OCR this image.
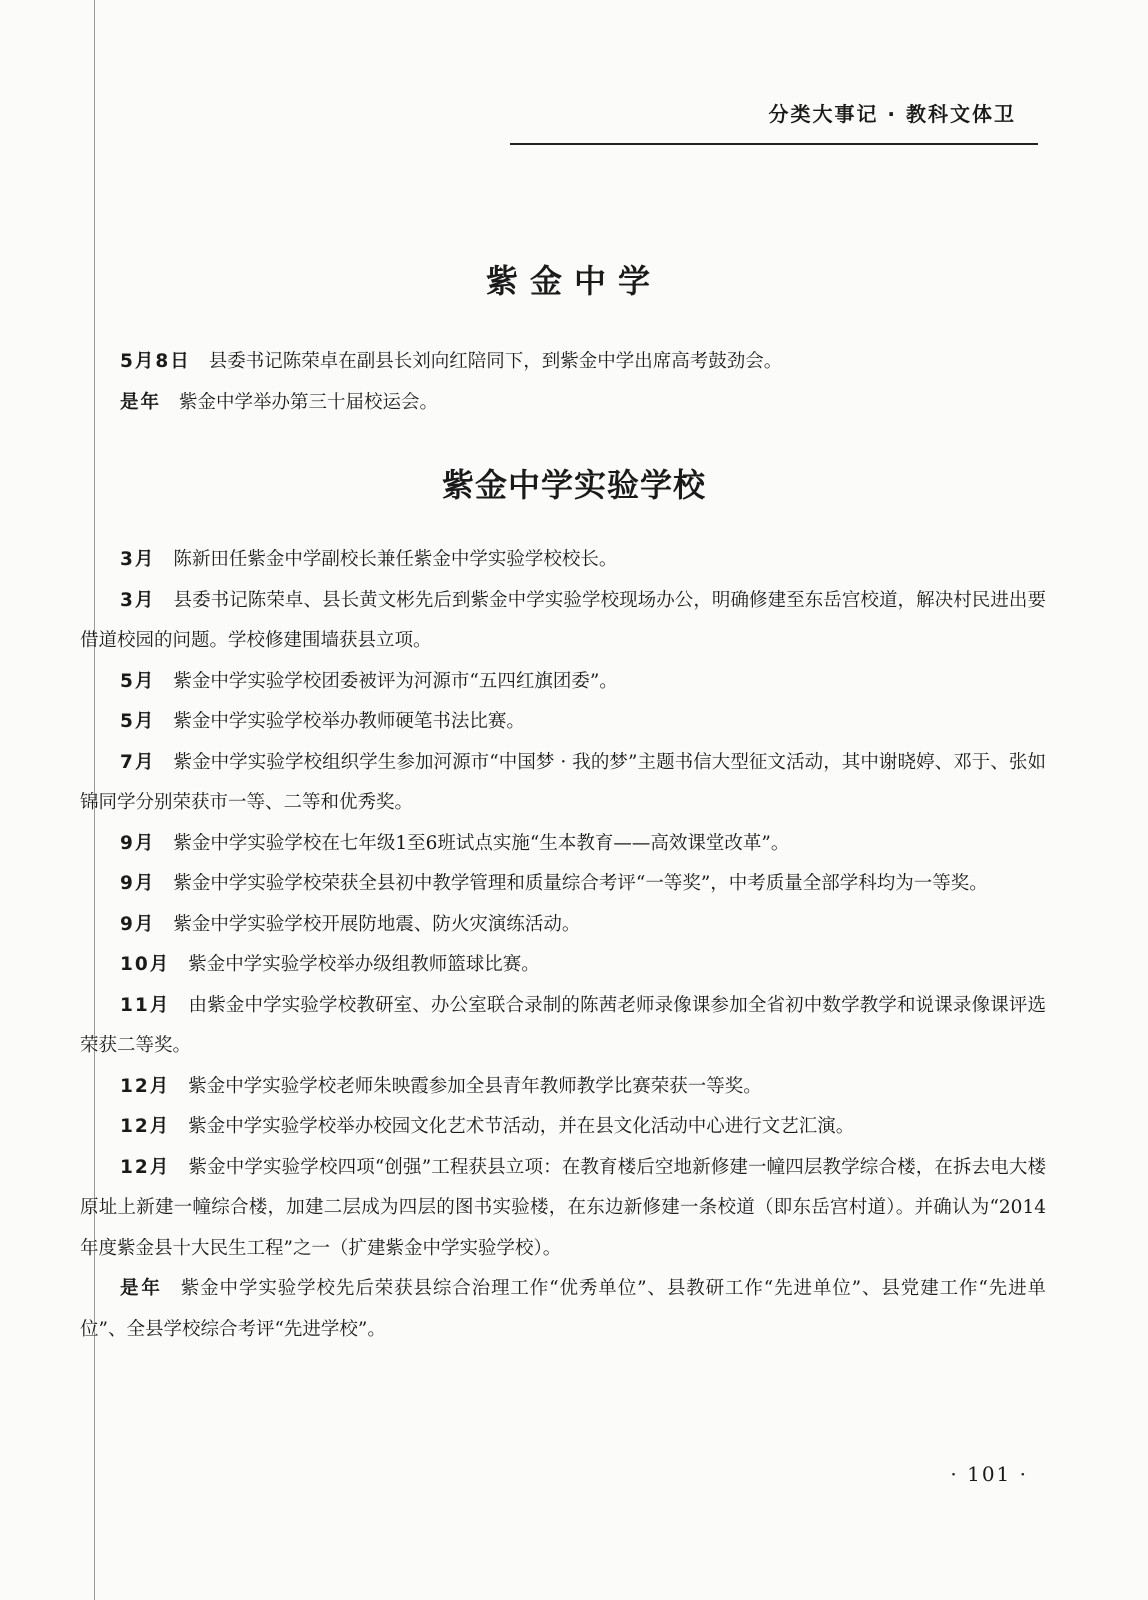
分类大事记 · 教科文体卫
紫金中学
5月8日 县委书记陈荣卓在副县长刘向红陪同下，到紫金中学出席高考鼓劲会。
是年 紫金中学举办第三十届校运会。
紫金中学实验学校
3月 陈新田任紫金中学副校长兼任紫金中学实验学校校长。
3月 县委书记陈荣卓、县长黄文彬先后到紫金中学实验学校现场办公，明确修建至东岳宫校道，解决村民进出要借道校园的问题。学校修建围墙获县立项。
5月 紫金中学实验学校团委被评为河源市“五四红旗团委”。
5月 紫金中学实验学校举办教师硬笔书法比赛。
7月 紫金中学实验学校组织学生参加河源市“中国梦 · 我的梦”主题书信大型征文活动，其中谢晓婷、邓于、张如锦同学分别荣获市一等、二等和优秀奖。
9月 紫金中学实验学校在七年级1至6班试点实施“生本教育——高效课堂改革”。
9月 紫金中学实验学校荣获全县初中教学管理和质量综合考评“一等奖”，中考质量全部学科均为一等奖。
9月 紫金中学实验学校开展防地震、防火灾演练活动。
10月 紫金中学实验学校举办级组教师篮球比赛。
11月 由紫金中学实验学校教研室、办公室联合录制的陈茜老师录像课参加全省初中数学教学和说课录像课评选荣获二等奖。
12月 紫金中学实验学校老师朱映霞参加全县青年教师教学比赛荣获一等奖。
12月 紫金中学实验学校举办校园文化艺术节活动，并在县文化活动中心进行文艺汇演。
12月 紫金中学实验学校四项“创强”工程获县立项：在教育楼后空地新修建一幢四层教学综合楼，在拆去电大楼原址上新建一幢综合楼，加建二层成为四层的图书实验楼，在东边新修建一条校道（即东岳宫村道）。并确认为“2014年度紫金县十大民生工程”之一（扩建紫金中学实验学校）。
是年 紫金中学实验学校先后荣获县综合治理工作“优秀单位”、县教研工作“先进单位”、县党建工作“先进单位”、全县学校综合考评“先进学校”。
· 101 ·
